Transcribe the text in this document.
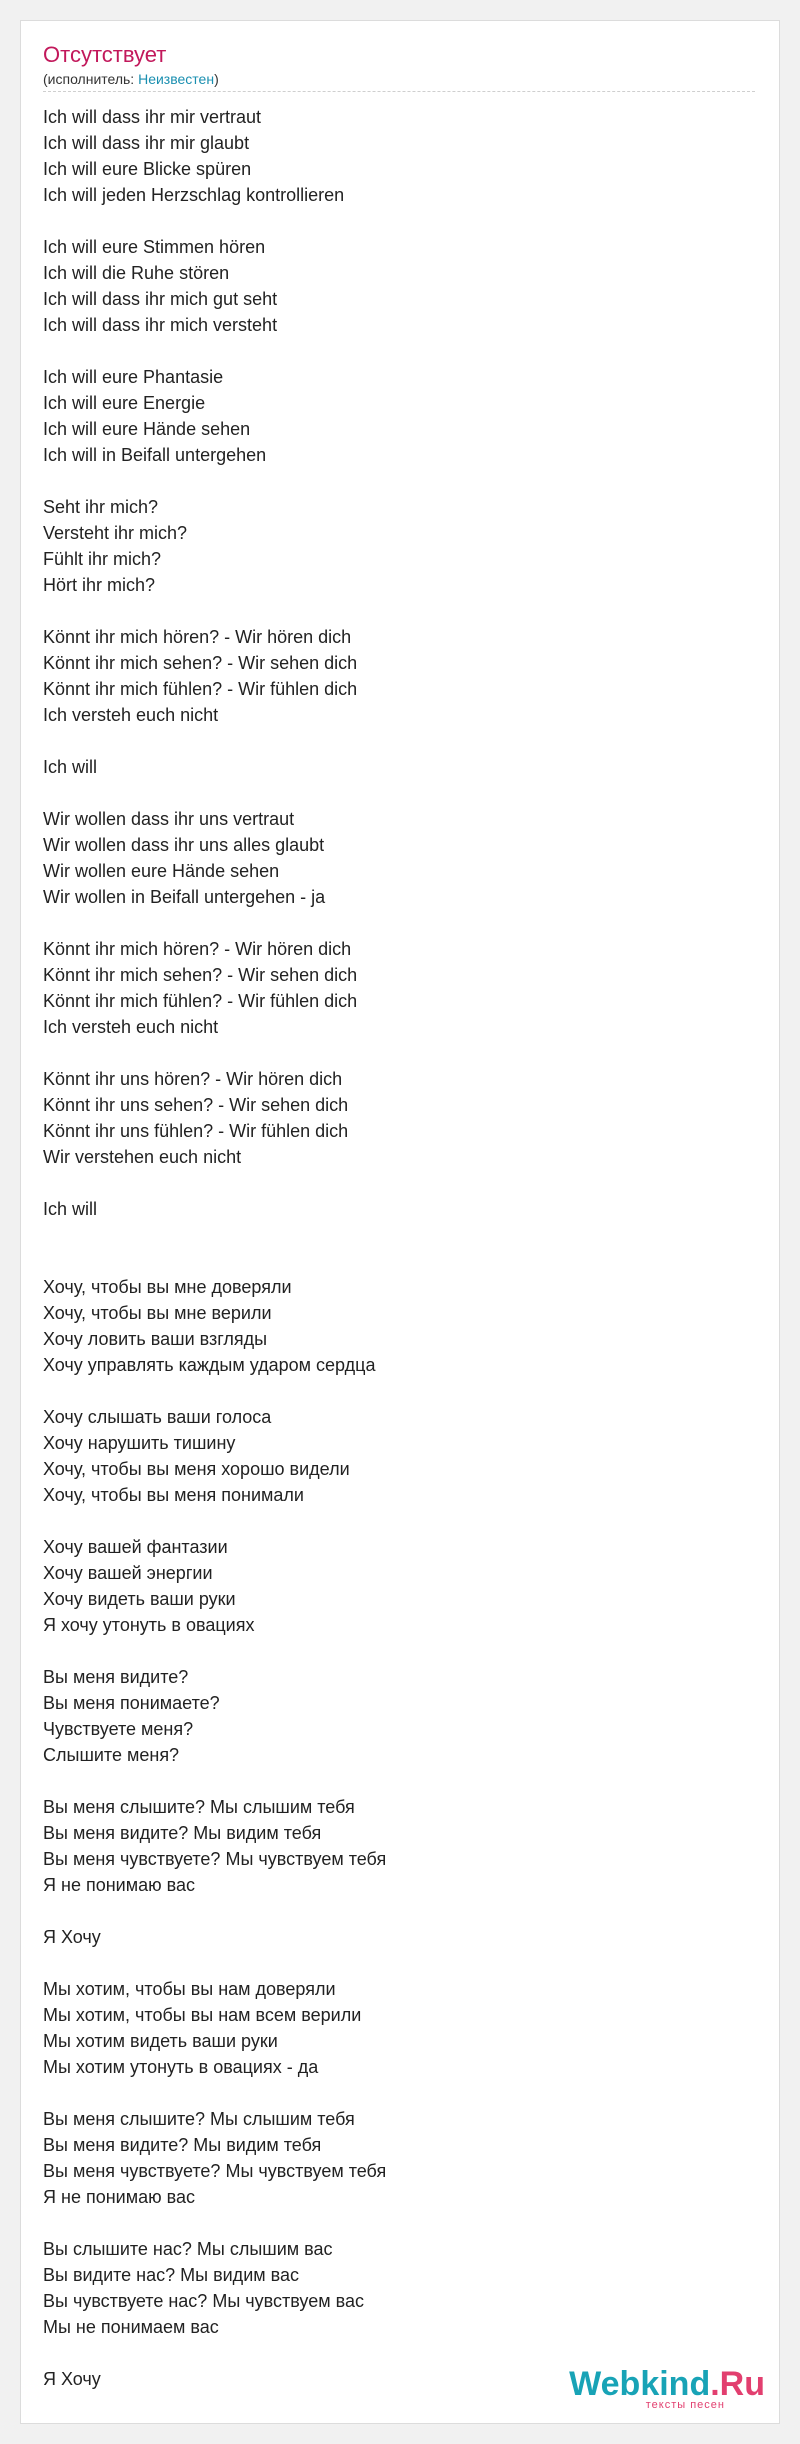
Отсутствует
(исполнитель: Неизвестен)
Ich will dass ihr mir vertraut
Ich will dass ihr mir glaubt
Ich will eure Blicke spüren
Ich will jeden Herzschlag kontrollieren
Ich will eure Stimmen hören
Ich will die Ruhe stören
Ich will dass ihr mich gut seht
Ich will dass ihr mich versteht
Ich will eure Phantasie
Ich will eure Energie
Ich will eure Hände sehen
Ich will in Beifall untergehen
Seht ihr mich?
Versteht ihr mich?
Fühlt ihr mich?
Hört ihr mich?
Könnt ihr mich hören? - Wir hören dich
Könnt ihr mich sehen? - Wir sehen dich
Könnt ihr mich fühlen? - Wir fühlen dich
Ich versteh euch nicht
Ich will
Wir wollen dass ihr uns vertraut
Wir wollen dass ihr uns alles glaubt
Wir wollen eure Hände sehen
Wir wollen in Beifall untergehen - ja
Könnt ihr mich hören? - Wir hören dich
Könnt ihr mich sehen? - Wir sehen dich
Könnt ihr mich fühlen? - Wir fühlen dich
Ich versteh euch nicht
Könnt ihr uns hören? - Wir hören dich
Könnt ihr uns sehen? - Wir sehen dich
Könnt ihr uns fühlen? - Wir fühlen dich
Wir verstehen euch nicht
Ich will
Хочу, чтобы вы мне доверяли
Хочу, чтобы вы мне верили
Хочу ловить ваши взгляды
Хочу управлять каждым ударом сердца
Хочу слышать ваши голоса
Хочу нарушить тишину
Хочу, чтобы вы меня хорошо видели
Хочу, чтобы вы меня понимали
Хочу вашей фантазии
Хочу вашей энергии
Хочу видеть ваши руки
Я хочу утонуть в овациях
Вы меня видите?
Вы меня понимаете?
Чувствуете меня?
Слышите меня?
Вы меня слышите? Мы слышим тебя
Вы меня видите? Мы видим тебя
Вы меня чувствуете? Мы чувствуем тебя
Я не понимаю вас
Я Хочу
Мы хотим, чтобы вы нам доверяли
Мы хотим, чтобы вы нам всем верили
Мы хотим видеть ваши руки
Мы хотим утонуть в овациях - да
Вы меня слышите? Мы слышим тебя
Вы меня видите? Мы видим тебя
Вы меня чувствуете? Мы чувствуем тебя
Я не понимаю вас
Вы слышите нас? Мы слышим вас
Вы видите нас? Мы видим вас
Вы чувствуете нас? Мы чувствуем вас
Мы не понимаем вас
Я Хочу	Webkind.Ru
тексты песен
